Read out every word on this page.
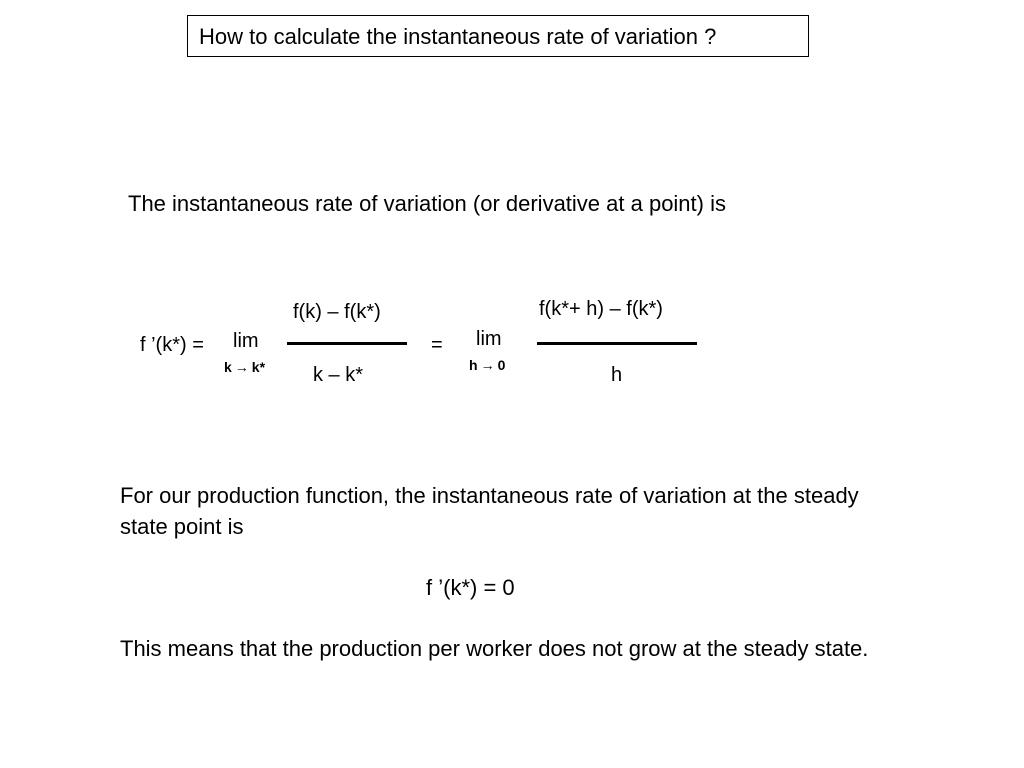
How to calculate the instantaneous rate of variation ?
The instantaneous rate of variation (or derivative at a point) is
f ’(k*) = lim
k → k*
f(k) – f(k*)
k – k*
= lim
h → 0
f(k*+ h) – f(k*)
h
For our production function, the instantaneous rate of variation at the steady state point is
f ’(k*) = 0
This means that the production per worker does not grow at the steady state.
